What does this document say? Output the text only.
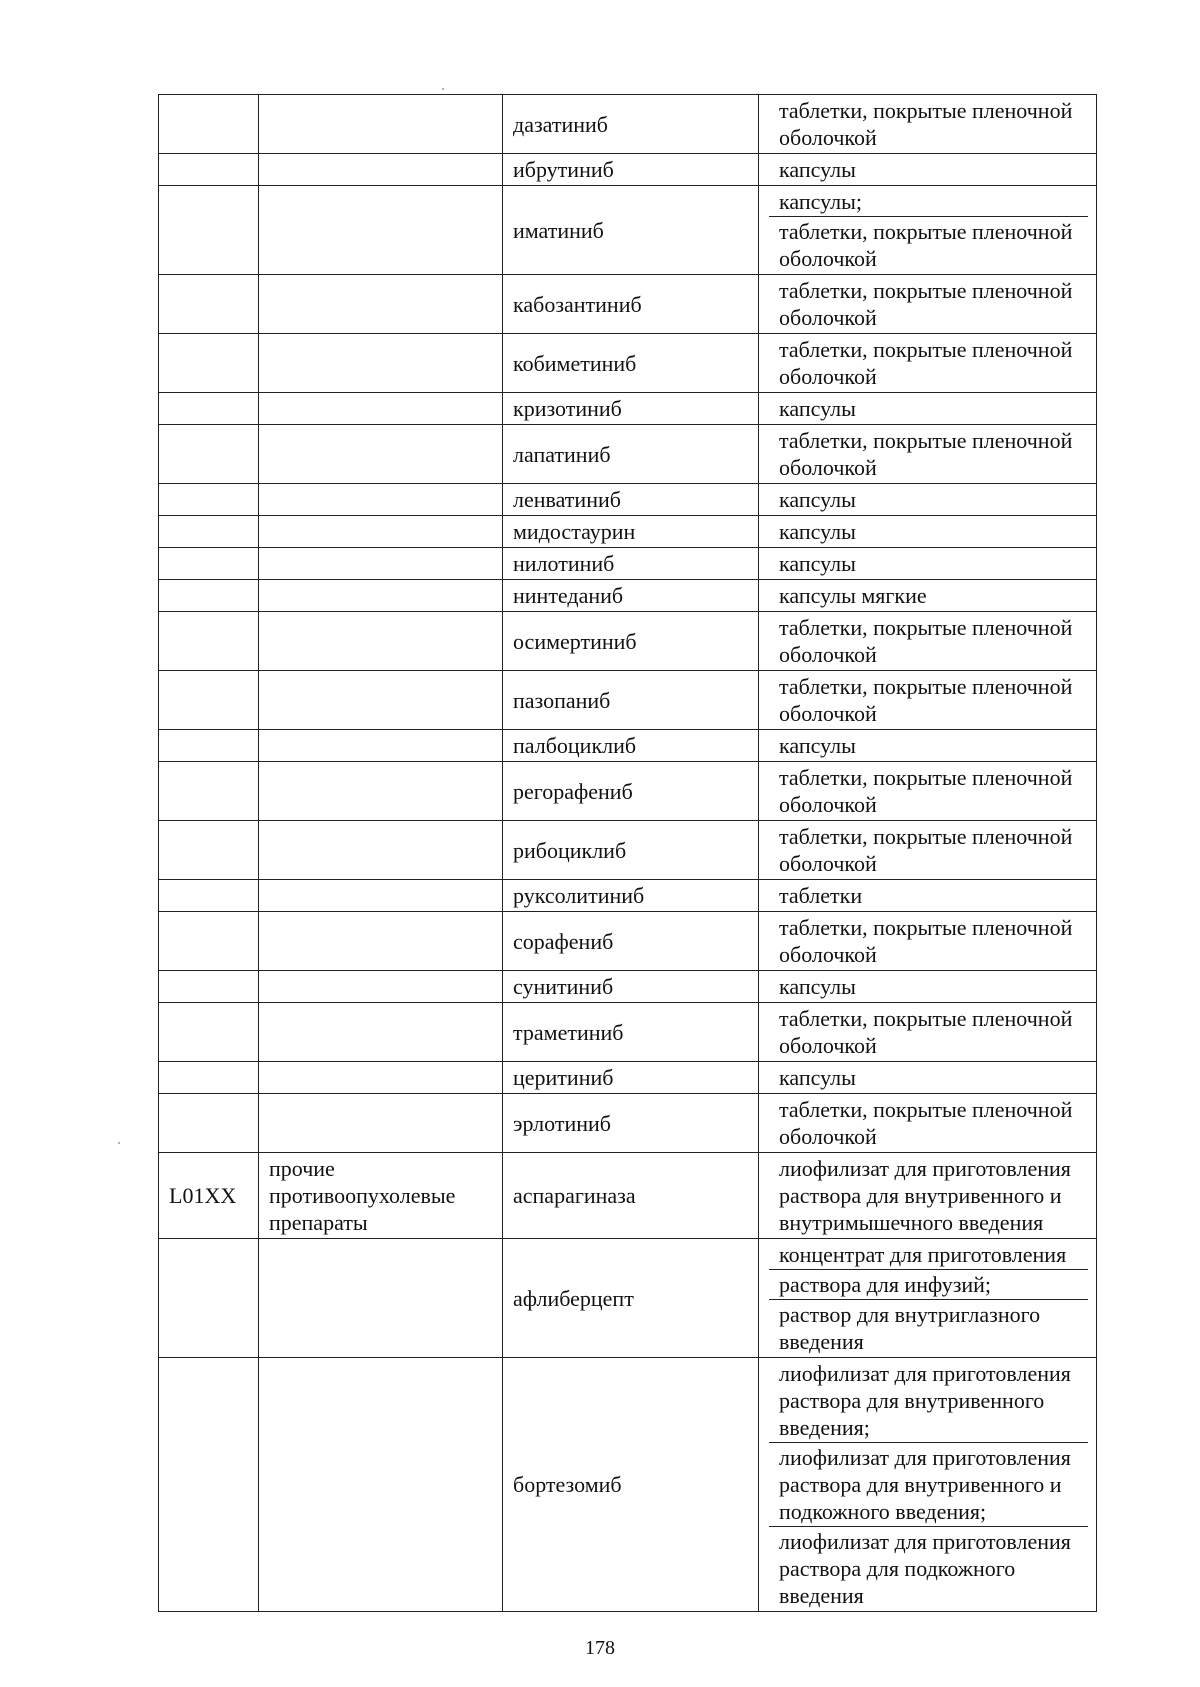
		дазатиниб	таблетки, покрытые пленочной оболочкой

		ибрутиниб	капсулы

		иматиниб	капсулы;
таблетки, покрытые пленочной оболочкой

		кабозантиниб	таблетки, покрытые пленочной оболочкой

		кобиметиниб	таблетки, покрытые пленочной оболочкой

		кризотиниб	капсулы

		лапатиниб	таблетки, покрытые пленочной оболочкой

		ленватиниб	капсулы

		мидостаурин	капсулы

		нилотиниб	капсулы

		нинтеданиб	капсулы мягкие

		осимертиниб	таблетки, покрытые пленочной оболочкой

		пазопаниб	таблетки, покрытые пленочной оболочкой

		палбоциклиб	капсулы

		регорафениб	таблетки, покрытые пленочной оболочкой

		рибоциклиб	таблетки, покрытые пленочной оболочкой

		руксолитиниб	таблетки

		сорафениб	таблетки, покрытые пленочной оболочкой

		сунитиниб	капсулы

		траметиниб	таблетки, покрытые пленочной оболочкой

		церитиниб	капсулы

		эрлотиниб	таблетки, покрытые пленочной оболочкой

L01XX	прочие противоопухолевые препараты	аспарагиназа	лиофилизат для приготовления раствора для внутривенного и внутримышечного введения

		афлиберцепт	концентрат для приготовления
раствора для инфузий;
раствор для внутриглазного введения

		бортезомиб	лиофилизат для приготовления раствора для внутривенного введения;
лиофилизат для приготовления раствора для внутривенного и подкожного введения;
лиофилизат для приготовления раствора для подкожного введения
178
